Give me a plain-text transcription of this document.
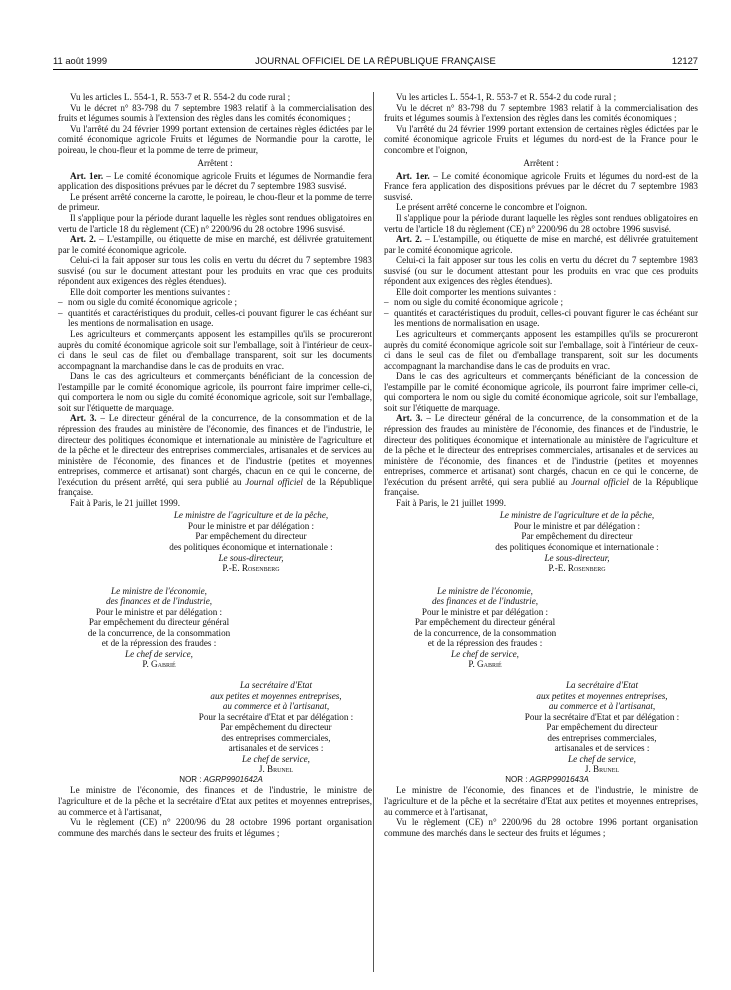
11 août 1999	JOURNAL OFFICIEL DE LA RÉPUBLIQUE FRANÇAISE	12127

Vu les articles L. 554-1, R. 553-7 et R. 554-2 du code rural ;

Vu le décret n° 83-798 du 7 septembre 1983 relatif à la commercialisation des fruits et légumes soumis à l'extension des règles dans les comités économiques ;

Vu l'arrêté du 24 février 1999 portant extension de certaines règles édictées par le comité économique agricole Fruits et légumes de Normandie pour la carotte, le poireau, le chou-fleur et la pomme de terre de primeur,

Arrêtent :

Art. 1er. – Le comité économique agricole Fruits et légumes de Normandie fera application des dispositions prévues par le décret du 7 septembre 1983 susvisé.

Le présent arrêté concerne la carotte, le poireau, le chou-fleur et la pomme de terre de primeur.

Il s'applique pour la période durant laquelle les règles sont rendues obligatoires en vertu de l'article 18 du règlement (CE) n° 2200/96 du 28 octobre 1996 susvisé.

Art. 2. – L'estampille, ou étiquette de mise en marché, est délivrée gratuitement par le comité économique agricole.

Celui-ci la fait apposer sur tous les colis en vertu du décret du 7 septembre 1983 susvisé (ou sur le document attestant pour les produits en vrac que ces produits répondent aux exigences des règles étendues).

Elle doit comporter les mentions suivantes :

– nom ou sigle du comité économique agricole ;

– quantités et caractéristiques du produit, celles-ci pouvant figurer le cas échéant sur les mentions de normalisation en usage.

Les agriculteurs et commerçants apposent les estampilles qu'ils se procureront auprès du comité économique agricole soit sur l'emballage, soit à l'intérieur de ceux-ci dans le seul cas de filet ou d'emballage transparent, soit sur les documents accompagnant la marchandise dans le cas de produits en vrac.

Dans le cas des agriculteurs et commerçants bénéficiant de la concession de l'estampille par le comité économique agricole, ils pourront faire imprimer celle-ci, qui comportera le nom ou sigle du comité économique agricole, soit sur l'emballage, soit sur l'étiquette de marquage.

Art. 3. – Le directeur général de la concurrence, de la consommation et de la répression des fraudes au ministère de l'économie, des finances et de l'industrie, le directeur des politiques économique et internationale au ministère de l'agriculture et de la pêche et le directeur des entreprises commerciales, artisanales et de services au ministère de l'économie, des finances et de l'industrie (petites et moyennes entreprises, commerce et artisanat) sont chargés, chacun en ce qui le concerne, de l'exécution du présent arrêté, qui sera publié au Journal officiel de la République française.

Fait à Paris, le 21 juillet 1999.

Le ministre de l'agriculture et de la pêche,

Pour le ministre et par délégation :

Par empêchement du directeur

des politiques économique et internationale :

Le sous-directeur,

P.-E. Rosenberg

Le ministre de l'économie,

des finances et de l'industrie,

Pour le ministre et par délégation :

Par empêchement du directeur général

de la concurrence, de la consommation

et de la répression des fraudes :

Le chef de service,

P. Gabrié

La secrétaire d'Etat

aux petites et moyennes entreprises,

au commerce et à l'artisanat,

Pour la secrétaire d'Etat et par délégation :

Par empêchement du directeur

des entreprises commerciales,

artisanales et de services :

Le chef de service,

J. Brunel

NOR : AGRP9901642A

Le ministre de l'économie, des finances et de l'industrie, le ministre de l'agriculture et de la pêche et la secrétaire d'Etat aux petites et moyennes entreprises, au commerce et à l'artisanat,

Vu le règlement (CE) n° 2200/96 du 28 octobre 1996 portant organisation commune des marchés dans le secteur des fruits et légumes ;

Vu les articles L. 554-1, R. 553-7 et R. 554-2 du code rural ;

Vu le décret n° 83-798 du 7 septembre 1983 relatif à la commercialisation des fruits et légumes soumis à l'extension des règles dans les comités économiques ;

Vu l'arrêté du 24 février 1999 portant extension de certaines règles édictées par le comité économique agricole Fruits et légumes du nord-est de la France pour le concombre et l'oignon,

Arrêtent :

Art. 1er. – Le comité économique agricole Fruits et légumes du nord-est de la France fera application des dispositions prévues par le décret du 7 septembre 1983 susvisé.

Le présent arrêté concerne le concombre et l'oignon.

Il s'applique pour la période durant laquelle les règles sont rendues obligatoires en vertu de l'article 18 du règlement (CE) n° 2200/96 du 28 octobre 1996 susvisé.

Art. 2. – L'estampille, ou étiquette de mise en marché, est délivrée gratuitement par le comité économique agricole.

Celui-ci la fait apposer sur tous les colis en vertu du décret du 7 septembre 1983 susvisé (ou sur le document attestant pour les produits en vrac que ces produits répondent aux exigences des règles étendues).

Elle doit comporter les mentions suivantes :

– nom ou sigle du comité économique agricole ;

– quantités et caractéristiques du produit, celles-ci pouvant figurer le cas échéant sur les mentions de normalisation en usage.

Les agriculteurs et commerçants apposent les estampilles qu'ils se procureront auprès du comité économique agricole soit sur l'emballage, soit à l'intérieur de ceux-ci dans le seul cas de filet ou d'emballage transparent, soit sur les documents accompagnant la marchandise dans le cas de produits en vrac.

Dans le cas des agriculteurs et commerçants bénéficiant de la concession de l'estampille par le comité économique agricole, ils pourront faire imprimer celle-ci, qui comportera le nom ou sigle du comité économique agricole, soit sur l'emballage, soit sur l'étiquette de marquage.

Art. 3. – Le directeur général de la concurrence, de la consommation et de la répression des fraudes au ministère de l'économie, des finances et de l'industrie, le directeur des politiques économique et internationale au ministère de l'agriculture et de la pêche et le directeur des entreprises commerciales, artisanales et de services au ministère de l'économie, des finances et de l'industrie (petites et moyennes entreprises, commerce et artisanat) sont chargés, chacun en ce qui le concerne, de l'exécution du présent arrêté, qui sera publié au Journal officiel de la République française.

Fait à Paris, le 21 juillet 1999.

Le ministre de l'agriculture et de la pêche,

Pour le ministre et par délégation :

Par empêchement du directeur

des politiques économique et internationale :

Le sous-directeur,

P.-E. Rosenberg

Le ministre de l'économie,

des finances et de l'industrie,

Pour le ministre et par délégation :

Par empêchement du directeur général

de la concurrence, de la consommation

et de la répression des fraudes :

Le chef de service,

P. Gabrié

La secrétaire d'Etat

aux petites et moyennes entreprises,

au commerce et à l'artisanat,

Pour la secrétaire d'Etat et par délégation :

Par empêchement du directeur

des entreprises commerciales,

artisanales et de services :

Le chef de service,

J. Brunel

NOR : AGRP9901643A

Le ministre de l'économie, des finances et de l'industrie, le ministre de l'agriculture et de la pêche et la secrétaire d'Etat aux petites et moyennes entreprises, au commerce et à l'artisanat,

Vu le règlement (CE) n° 2200/96 du 28 octobre 1996 portant organisation commune des marchés dans le secteur des fruits et légumes ;
